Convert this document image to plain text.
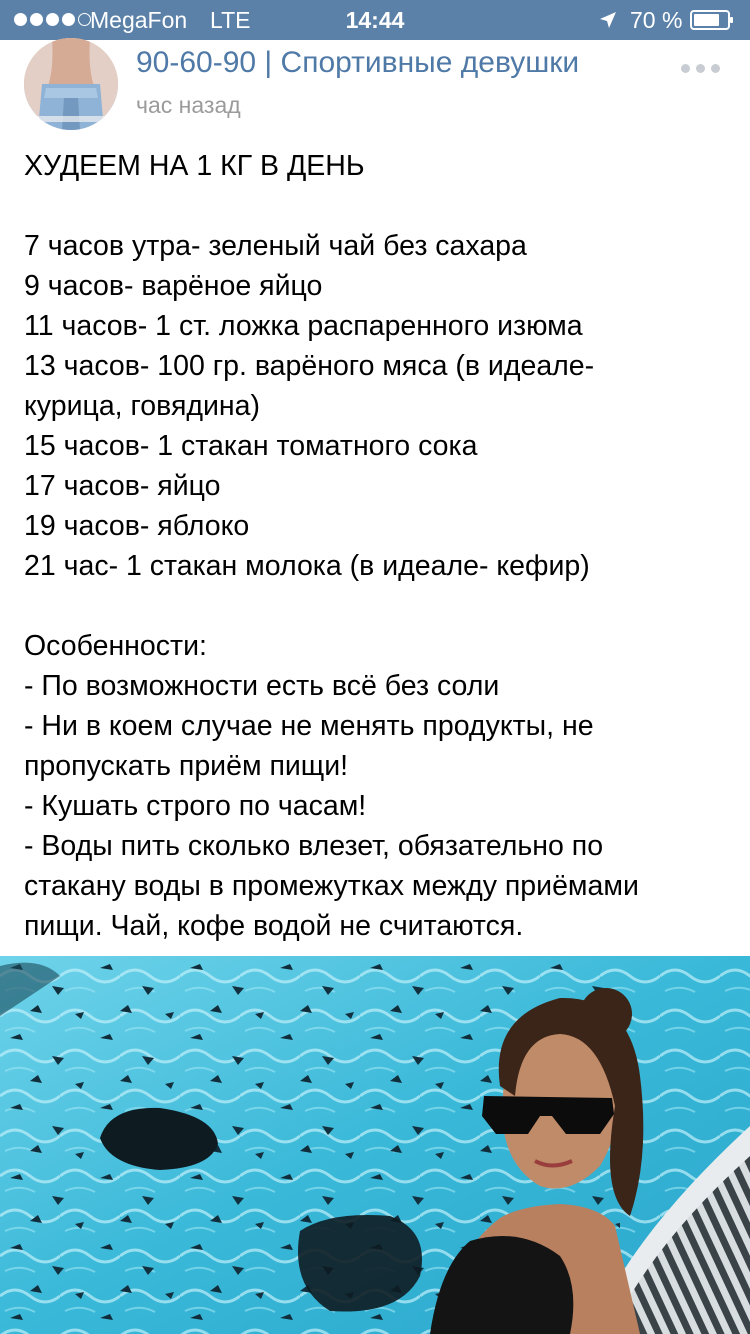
MegaFon LTE	14:44	70 %
90-60-90 | Спортивные девушки
час назад
ХУДЕЕМ НА 1 КГ В ДЕНЬ
7 часов утра- зеленый чай без сахара
9 часов- варёное яйцо
11 часов- 1 ст. ложка распаренного изюма
13 часов- 100 гр. варёного мяса (в идеале-
курица, говядина)
15 часов- 1 стакан томатного сока
17 часов- яйцо
19 часов- яблоко
21 час- 1 стакан молока (в идеале- кефир)
Особенности:
- По возможности есть всё без соли
- Ни в коем случае не менять продукты, не
пропускать приём пищи!
- Кушать строго по часам!
- Воды пить сколько влезет, обязательно по
стакану воды в промежутках между приёмами
пищи. Чай, кофе водой не считаются.
